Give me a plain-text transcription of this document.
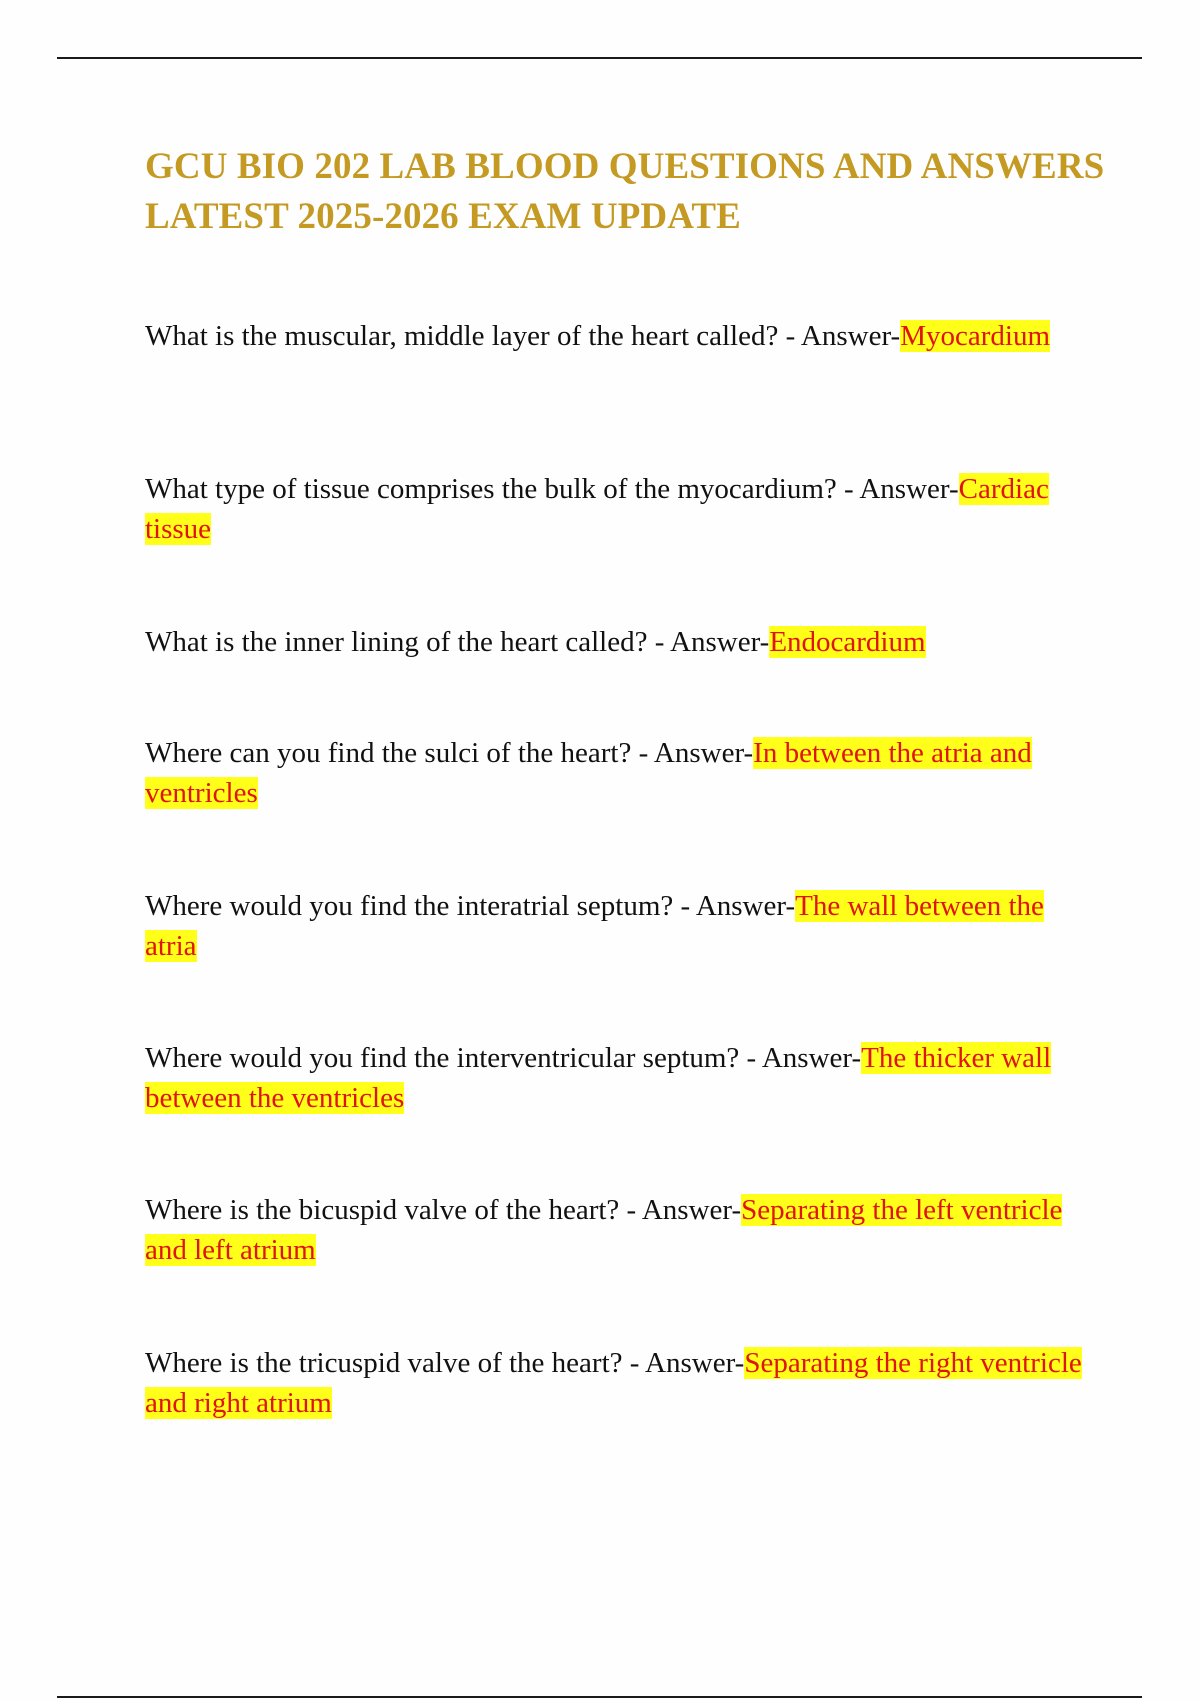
GCU BIO 202 LAB BLOOD QUESTIONS AND ANSWERS LATEST 2025-2026 EXAM UPDATE

What is the muscular, middle layer of the heart called? - Answer-Myocardium

What type of tissue comprises the bulk of the myocardium? - Answer-Cardiac tissue

What is the inner lining of the heart called? - Answer-Endocardium

Where can you find the sulci of the heart? - Answer-In between the atria and ventricles

Where would you find the interatrial septum? - Answer-The wall between the atria

Where would you find the interventricular septum? - Answer-The thicker wall between the ventricles

Where is the bicuspid valve of the heart? - Answer-Separating the left ventricle and left atrium

Where is the tricuspid valve of the heart? - Answer-Separating the right ventricle and right atrium
